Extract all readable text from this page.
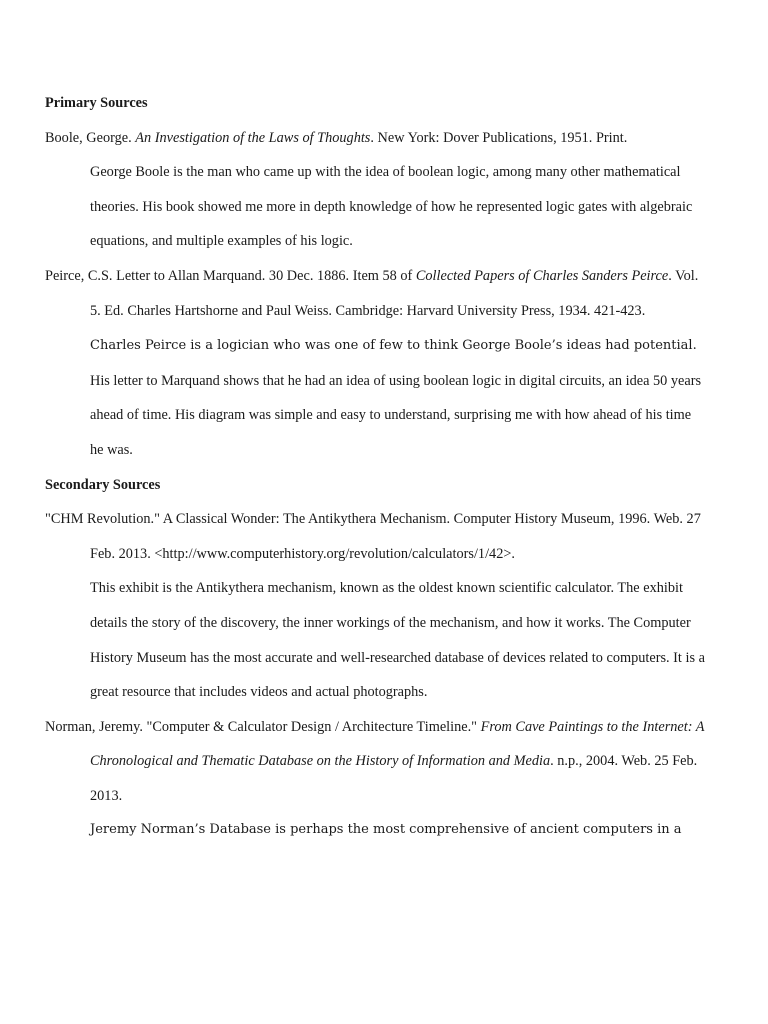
Primary Sources

Boole, George. An Investigation of the Laws of Thoughts. New York: Dover Publications, 1951. Print.

George Boole is the man who came up with the idea of boolean logic, among many other mathematical theories. His book showed me more in depth knowledge of how he represented logic gates with algebraic equations, and multiple examples of his logic.

Peirce, C.S. Letter to Allan Marquand. 30 Dec. 1886. Item 58 of Collected Papers of Charles Sanders Peirce. Vol. 5. Ed. Charles Hartshorne and Paul Weiss. Cambridge: Harvard University Press, 1934. 421-423.

Charles Peirce is a logician who was one of few to think George Boole’s ideas had potential. His letter to Marquand shows that he had an idea of using boolean logic in digital circuits, an idea 50 years ahead of time. His diagram was simple and easy to understand, surprising me with how ahead of his time he was.

Secondary Sources

"CHM Revolution." A Classical Wonder: The Antikythera Mechanism. Computer History Museum, 1996. Web. 27 Feb. 2013. <http://www.computerhistory.org/revolution/calculators/1/42>.

This exhibit is the Antikythera mechanism, known as the oldest known scientific calculator. The exhibit details the story of the discovery, the inner workings of the mechanism, and how it works. The Computer History Museum has the most accurate and well-researched database of devices related to computers. It is a great resource that includes videos and actual photographs.

Norman, Jeremy. "Computer & Calculator Design / Architecture Timeline." From Cave Paintings to the Internet: A Chronological and Thematic Database on the History of Information and Media. n.p., 2004. Web. 25 Feb. 2013.

Jeremy Norman’s Database is perhaps the most comprehensive of ancient computers in a
